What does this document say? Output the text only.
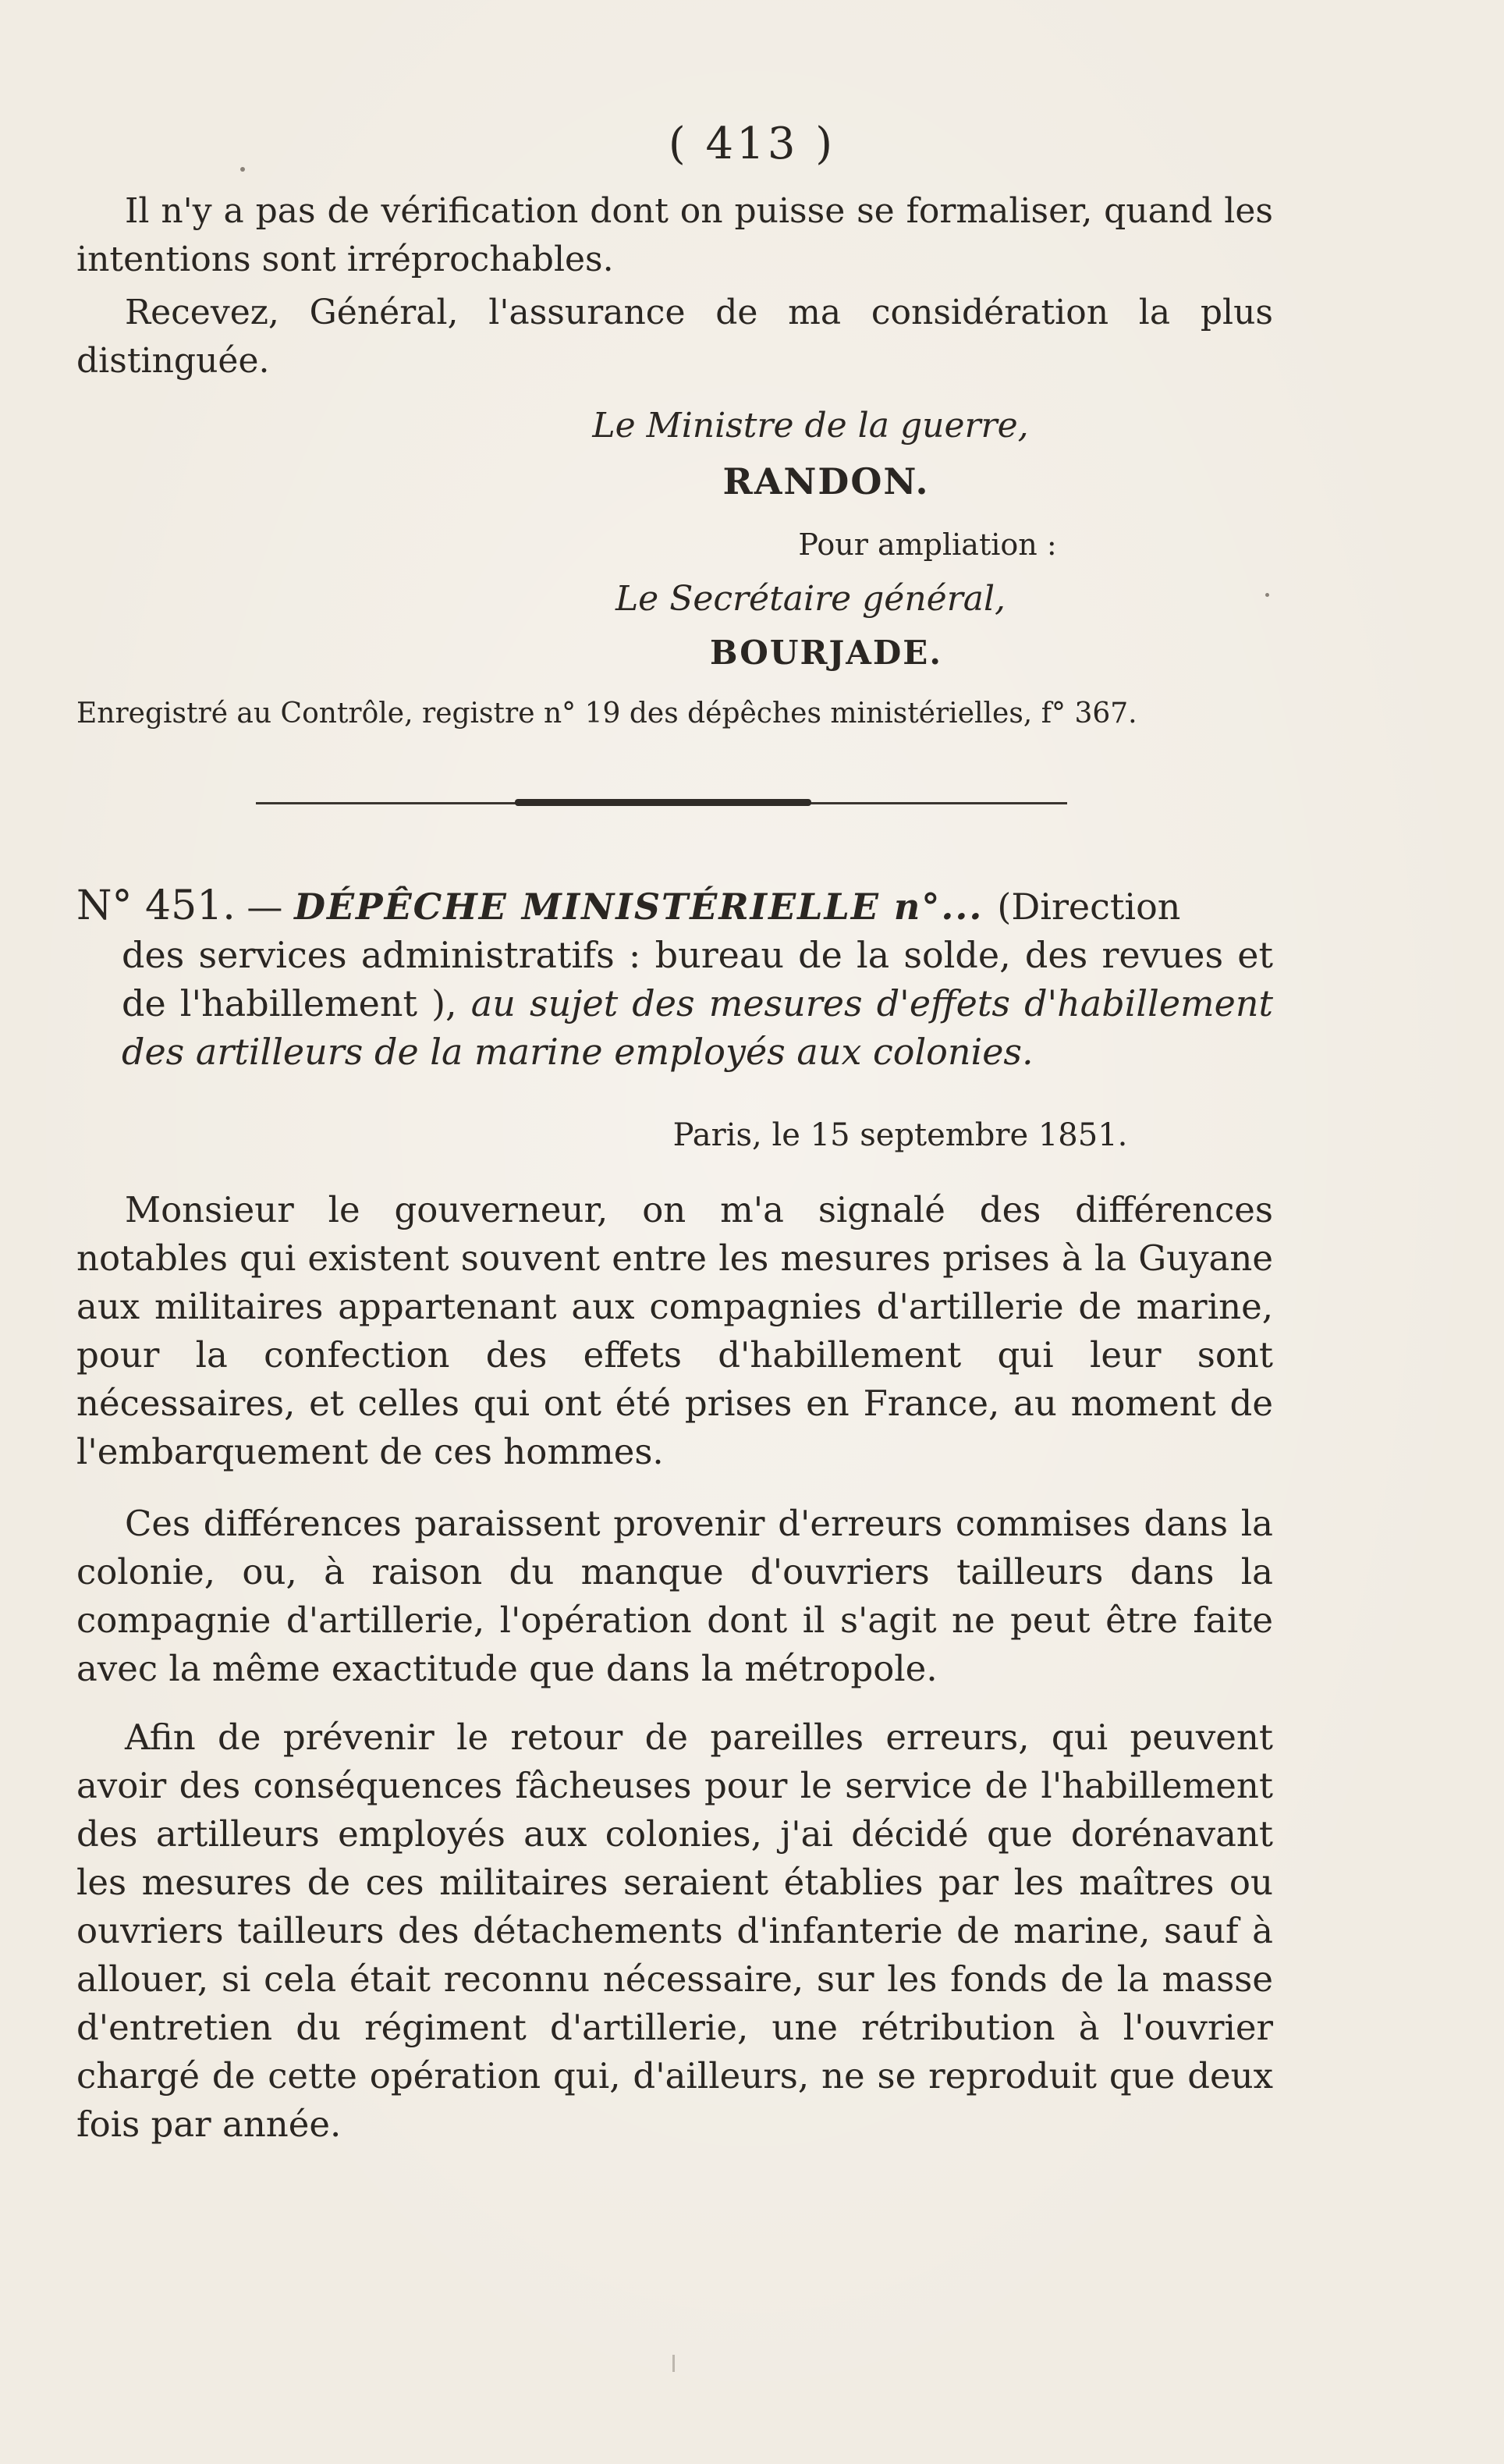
( 413 )
Il n'y a pas de vérification dont on puisse se formaliser, quand les intentions sont irréprochables.
Recevez, Général, l'assurance de ma considération la plus distinguée.
Le Ministre de la guerre,
RANDON.
Pour ampliation :
Le Secrétaire général,
BOURJADE.
Enregistré au Contrôle, registre n° 19 des dépêches ministérielles, f° 367.
N° 451. — DÉPÊCHE MINISTÉRIELLE n°... (Direction
des services administratifs : bureau de la solde, des revues et de l'habillement ), au sujet des mesures d'effets d'habillement des artilleurs de la marine employés aux colonies.
Paris, le 15 septembre 1851.
Monsieur le gouverneur, on m'a signalé des différences notables qui existent souvent entre les mesures prises à la Guyane aux militaires appartenant aux compagnies d'artillerie de marine, pour la confection des effets d'habillement qui leur sont nécessaires, et celles qui ont été prises en France, au moment de l'embarquement de ces hommes.
Ces différences paraissent provenir d'erreurs commises dans la colonie, ou, à raison du manque d'ouvriers tailleurs dans la compagnie d'artillerie, l'opération dont il s'agit ne peut être faite avec la même exactitude que dans la métropole.
Afin de prévenir le retour de pareilles erreurs, qui peuvent avoir des conséquences fâcheuses pour le service de l'habillement des artilleurs employés aux colonies, j'ai décidé que dorénavant les mesures de ces militaires seraient établies par les maîtres ou ouvriers tailleurs des détachements d'infanterie de marine, sauf à allouer, si cela était reconnu nécessaire, sur les fonds de la masse d'entretien du régiment d'artillerie, une rétribution à l'ouvrier chargé de cette opération qui, d'ailleurs, ne se reproduit que deux fois par année.
